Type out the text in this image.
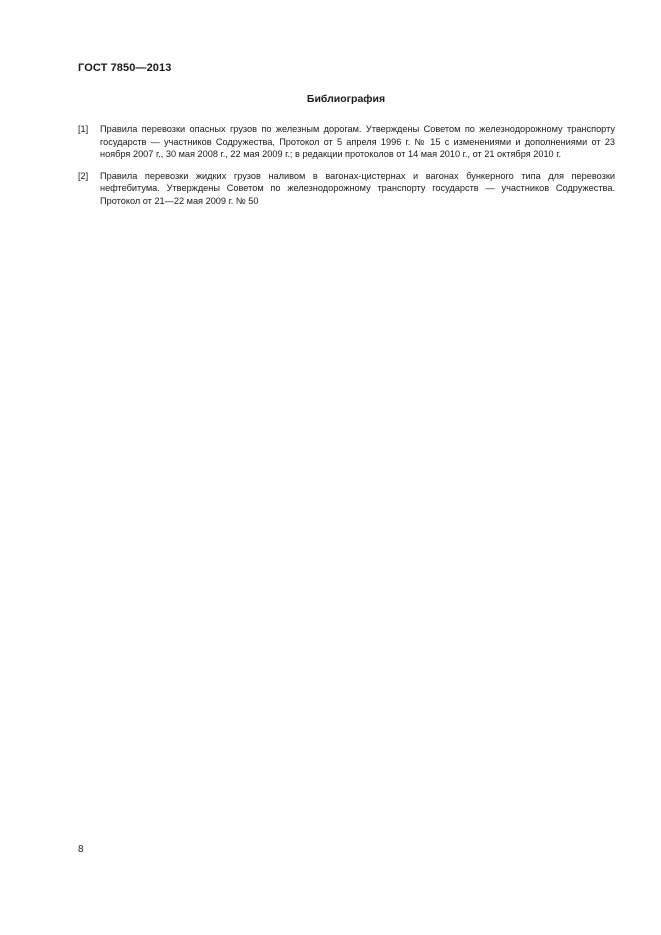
ГОСТ 7850—2013
Библиография
[1]	Правила перевозки опасных грузов по железным дорогам. Утверждены Советом по железнодорожному транспорту государств — участников Содружества, Протокол от 5 апреля 1996 г. № 15 с изменениями и дополнениями от 23 ноября 2007 г., 30 мая 2008 г., 22 мая 2009 г.; в редакции протоколов от 14 мая 2010 г., от 21 октября 2010 г.
[2]	Правила перевозки жидких грузов наливом в вагонах-цистернах и вагонах бункерного типа для перевозки нефтебитума. Утверждены Советом по железнодорожному транспорту государств — участников Содружества. Протокол от 21—22 мая 2009 г. № 50
8
